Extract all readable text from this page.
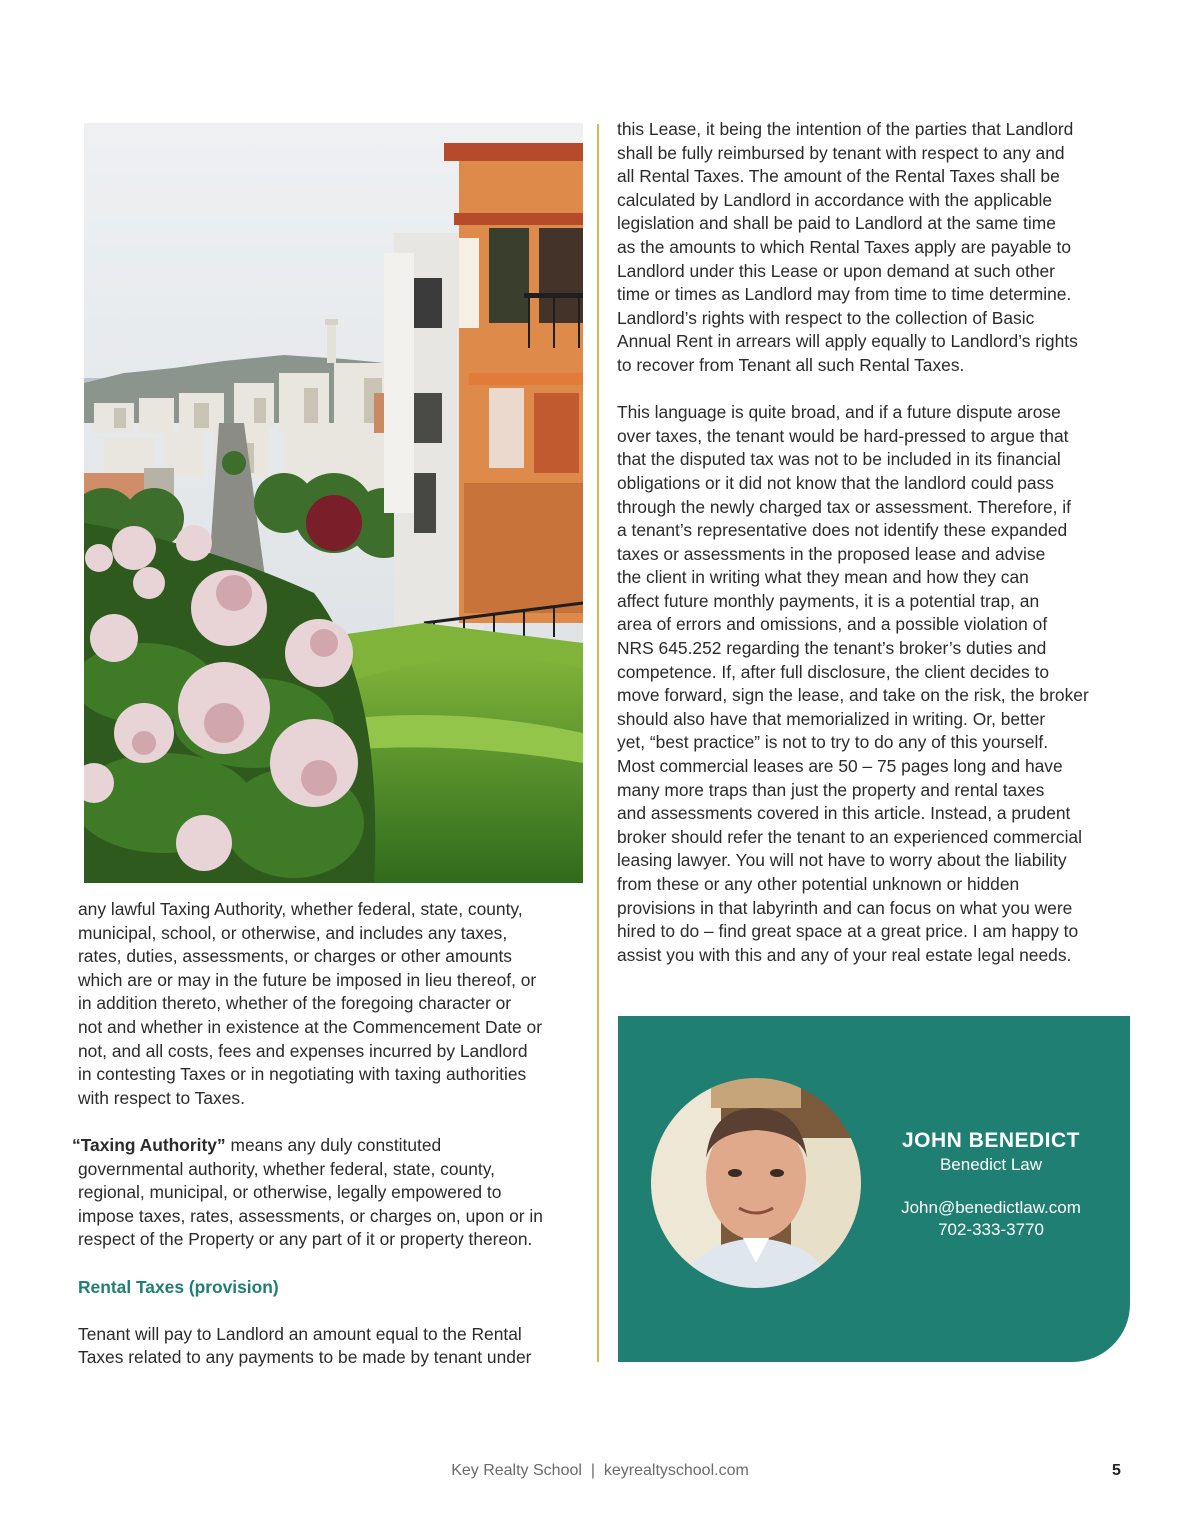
any lawful Taxing Authority, whether federal, state, county,
municipal, school, or otherwise, and includes any taxes,
rates, duties, assessments, or charges or other amounts
which are or may in the future be imposed in lieu thereof, or
in addition thereto, whether of the foregoing character or
not and whether in existence at the Commencement Date or
not, and all costs, fees and expenses incurred by Landlord
in contesting Taxes or in negotiating with taxing authorities
with respect to Taxes.

“Taxing Authority” means any duly constituted
governmental authority, whether federal, state, county,
regional, municipal, or otherwise, legally empowered to
impose taxes, rates, assessments, or charges on, upon or in
respect of the Property or any part of it or property thereon.

Rental Taxes (provision)

Tenant will pay to Landlord an amount equal to the Rental
Taxes related to any payments to be made by tenant under

this Lease, it being the intention of the parties that Landlord
shall be fully reimbursed by tenant with respect to any and
all Rental Taxes. The amount of the Rental Taxes shall be
calculated by Landlord in accordance with the applicable
legislation and shall be paid to Landlord at the same time
as the amounts to which Rental Taxes apply are payable to
Landlord under this Lease or upon demand at such other
time or times as Landlord may from time to time determine.
Landlord’s rights with respect to the collection of Basic
Annual Rent in arrears will apply equally to Landlord’s rights
to recover from Tenant all such Rental Taxes.

This language is quite broad, and if a future dispute arose
over taxes, the tenant would be hard-pressed to argue that
that the disputed tax was not to be included in its financial
obligations or it did not know that the landlord could pass
through the newly charged tax or assessment. Therefore, if
a tenant’s representative does not identify these expanded
taxes or assessments in the proposed lease and advise
the client in writing what they mean and how they can
affect future monthly payments, it is a potential trap, an
area of errors and omissions, and a possible violation of
NRS 645.252 regarding the tenant’s broker’s duties and
competence. If, after full disclosure, the client decides to
move forward, sign the lease, and take on the risk, the broker
should also have that memorialized in writing. Or, better
yet, “best practice” is not to try to do any of this yourself.
Most commercial leases are 50 – 75 pages long and have
many more traps than just the property and rental taxes
and assessments covered in this article. Instead, a prudent
broker should refer the tenant to an experienced commercial
leasing lawyer. You will not have to worry about the liability
from these or any other potential unknown or hidden
provisions in that labyrinth and can focus on what you were
hired to do – find great space at a great price. I am happy to
assist you with this and any of your real estate legal needs.

JOHN BENEDICT
Benedict Law
John@benedictlaw.com
702-333-3770
Key Realty School  |  keyrealtyschool.com	5
